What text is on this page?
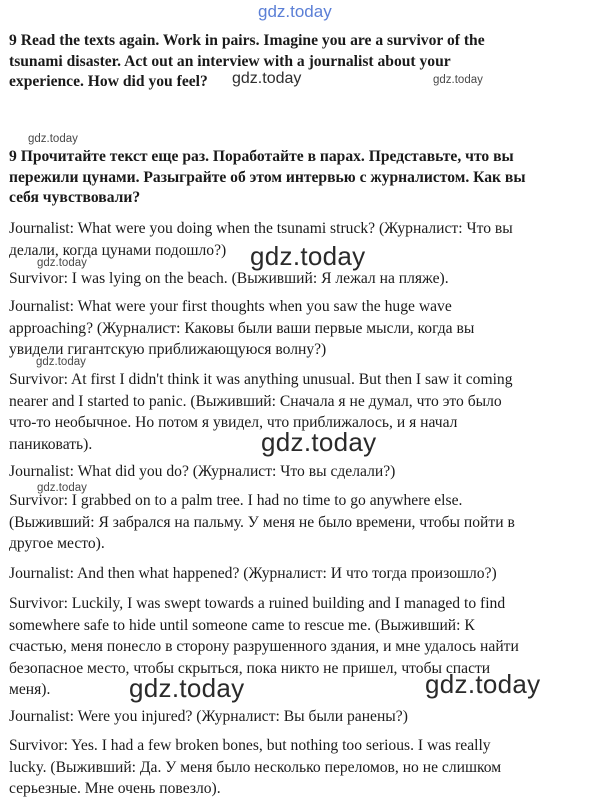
gdz.today
gdz.today	gdz.today
gdz.today
gdz.today
gdz.today
gdz.today
gdz.today
gdz.today
gdz.today	gdz.today
9 Read the texts again. Work in pairs. Imagine you are a survivor of the
tsunami disaster. Act out an interview with a journalist about your
experience. How did you feel?
9 Прочитайте текст еще раз. Поработайте в парах. Представьте, что вы
пережили цунами. Разыграйте об этом интервью с журналистом. Как вы
себя чувствовали?
Journalist: What were you doing when the tsunami struck? (Журналист: Что вы
делали, когда цунами подошло?)
Survivor: I was lying on the beach. (Выживший: Я лежал на пляже).
Journalist: What were your first thoughts when you saw the huge wave
approaching? (Журналист: Каковы были ваши первые мысли, когда вы
увидели гигантскую приближающуюся волну?)
Survivor: At first I didn't think it was anything unusual. But then I saw it coming
nearer and I started to panic. (Выживший: Сначала я не думал, что это было
что-то необычное. Но потом я увидел, что приближалось, и я начал
паниковать).
Journalist: What did you do? (Журналист: Что вы сделали?)
Survivor: I grabbed on to a palm tree. I had no time to go anywhere else.
(Выживший: Я забрался на пальму. У меня не было времени, чтобы пойти в
другое место).
Journalist: And then what happened? (Журналист: И что тогда произошло?)
Survivor: Luckily, I was swept towards a ruined building and I managed to find
somewhere safe to hide until someone came to rescue me. (Выживший: К
счастью, меня понесло в сторону разрушенного здания, и мне удалось найти
безопасное место, чтобы скрыться, пока никто не пришел, чтобы спасти
меня).
Journalist: Were you injured? (Журналист: Вы были ранены?)
Survivor: Yes. I had a few broken bones, but nothing too serious. I was really
lucky. (Выживший: Да. У меня было несколько переломов, но не слишком
серьезные. Мне очень повезло).
